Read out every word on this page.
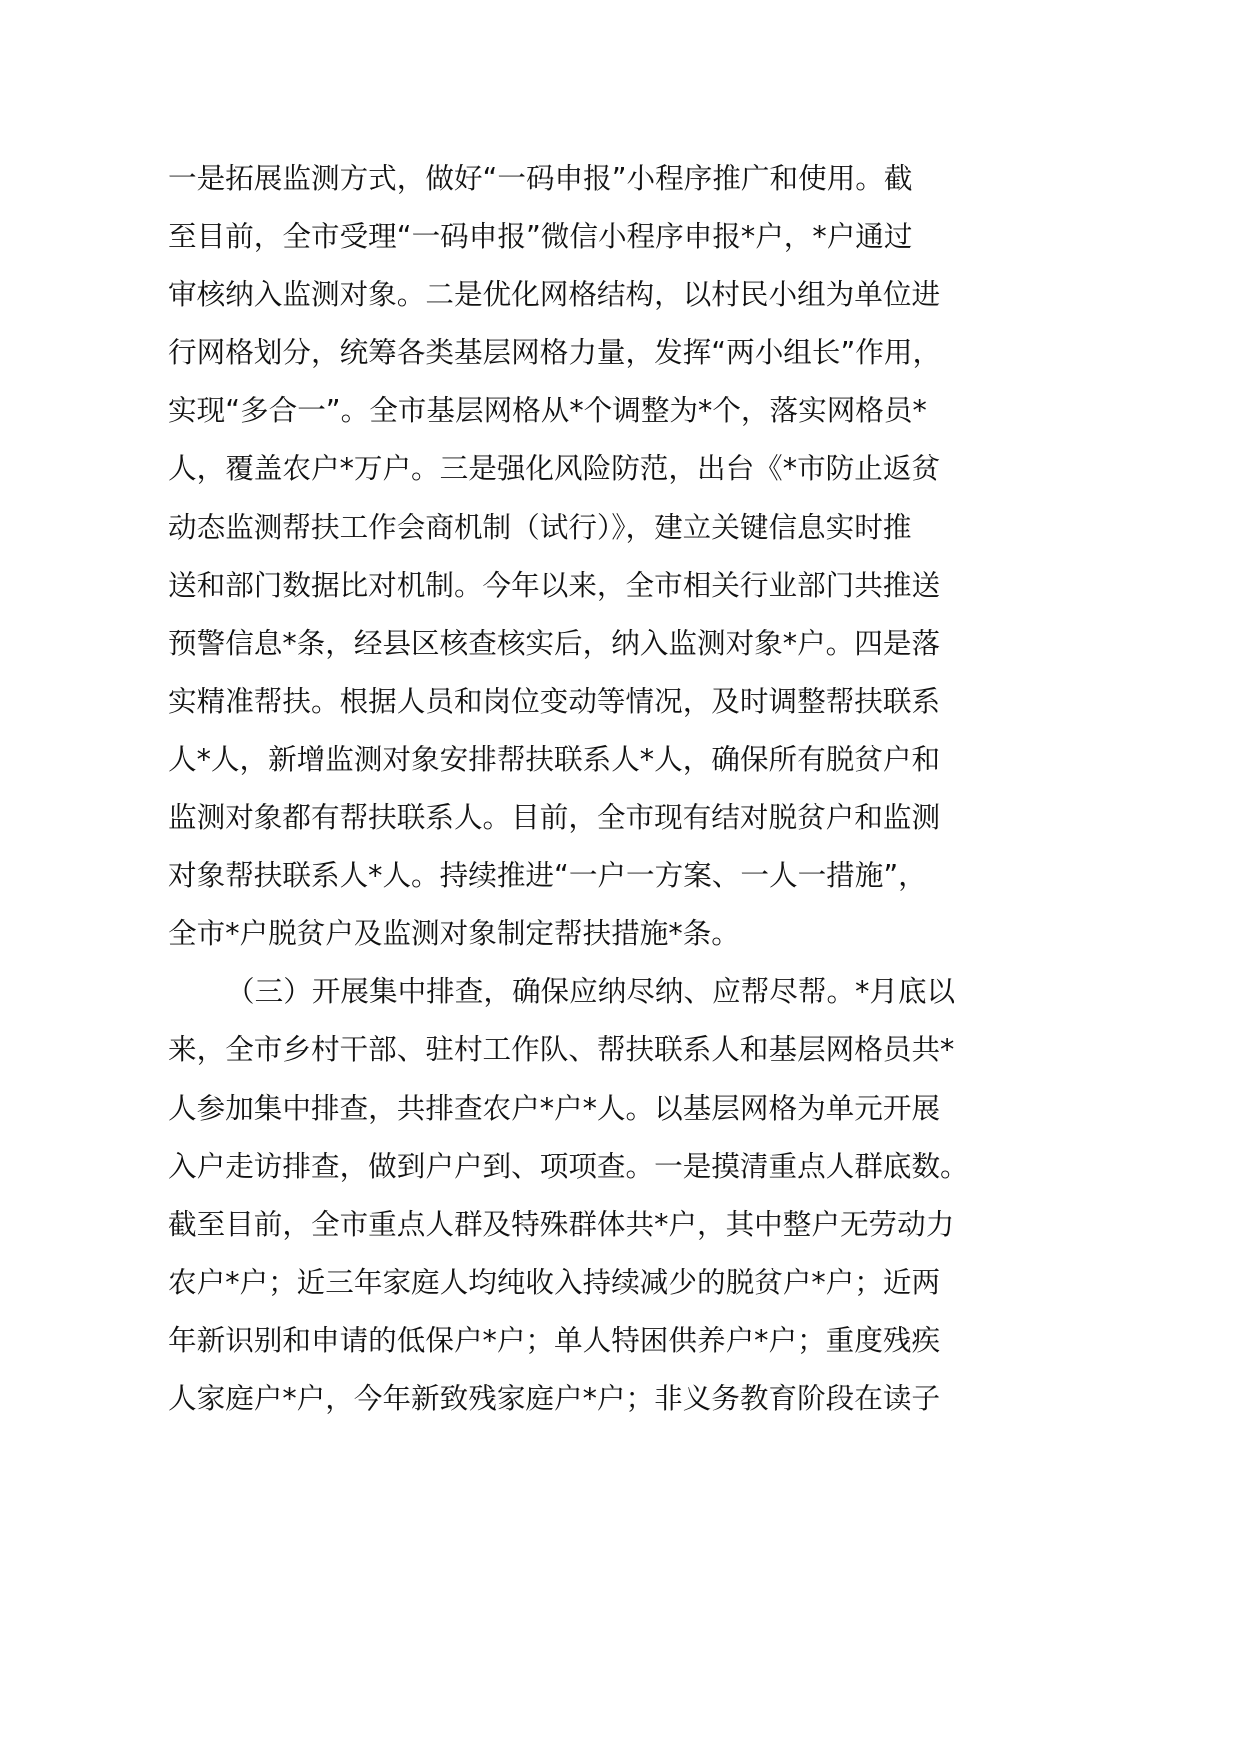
一是拓展监测方式，做好“一码申报”小程序推广和使用。截
至目前，全市受理“一码申报”微信小程序申报*户，*户通过
审核纳入监测对象。二是优化网格结构，以村民小组为单位进
行网格划分，统筹各类基层网格力量，发挥“两小组长”作用，
实现“多合一”。全市基层网格从*个调整为*个，落实网格员*
人，覆盖农户*万户。三是强化风险防范，出台《*市防止返贫
动态监测帮扶工作会商机制（试行）》，建立关键信息实时推
送和部门数据比对机制。今年以来，全市相关行业部门共推送
预警信息*条，经县区核查核实后，纳入监测对象*户。四是落
实精准帮扶。根据人员和岗位变动等情况，及时调整帮扶联系
人*人，新增监测对象安排帮扶联系人*人，确保所有脱贫户和
监测对象都有帮扶联系人。目前，全市现有结对脱贫户和监测
对象帮扶联系人*人。持续推进“一户一方案、一人一措施”，
全市*户脱贫户及监测对象制定帮扶措施*条。
（三）开展集中排查，确保应纳尽纳、应帮尽帮。*月底以
来，全市乡村干部、驻村工作队、帮扶联系人和基层网格员共*
人参加集中排查，共排查农户*户*人。以基层网格为单元开展
入户走访排查，做到户户到、项项查。一是摸清重点人群底数。
截至目前，全市重点人群及特殊群体共*户，其中整户无劳动力
农户*户；近三年家庭人均纯收入持续减少的脱贫户*户；近两
年新识别和申请的低保户*户；单人特困供养户*户；重度残疾
人家庭户*户，今年新致残家庭户*户；非义务教育阶段在读子
